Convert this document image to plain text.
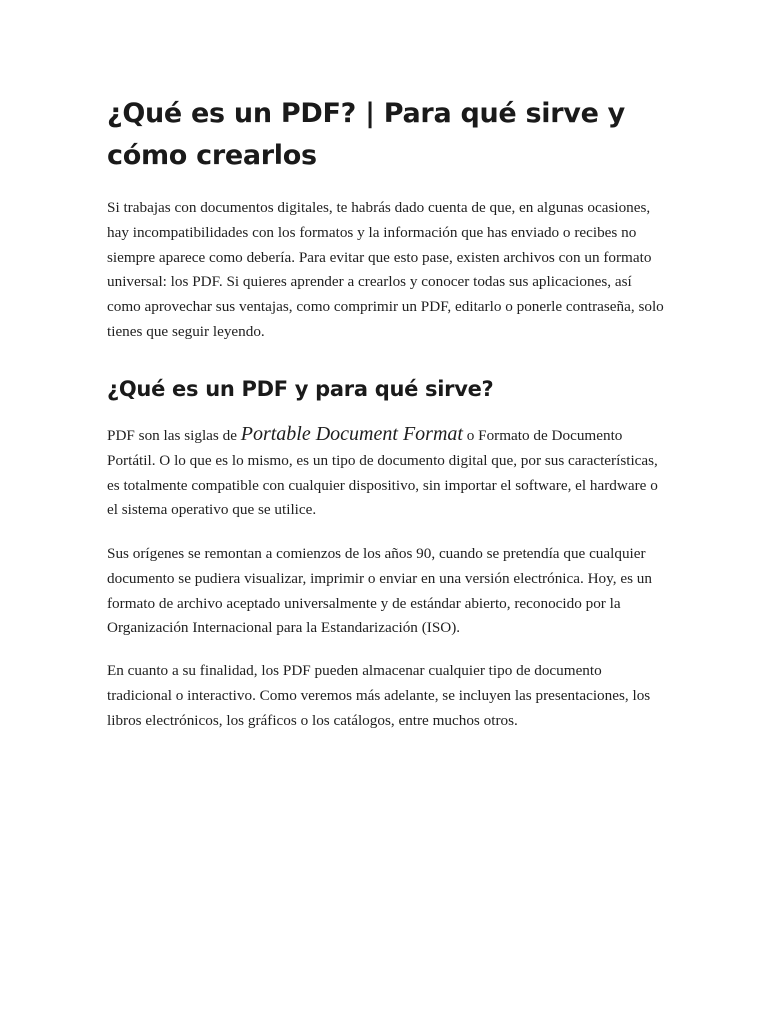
¿Qué es un PDF? | Para qué sirve y cómo crearlos

Si trabajas con documentos digitales, te habrás dado cuenta de que, en algunas ocasiones, hay incompatibilidades con los formatos y la información que has enviado o recibes no siempre aparece como debería. Para evitar que esto pase, existen archivos con un formato universal: los PDF. Si quieres aprender a crearlos y conocer todas sus aplicaciones, así como aprovechar sus ventajas, como comprimir un PDF, editarlo o ponerle contraseña, solo tienes que seguir leyendo.

¿Qué es un PDF y para qué sirve?

PDF son las siglas de Portable Document Format o Formato de Documento Portátil. O lo que es lo mismo, es un tipo de documento digital que, por sus características, es totalmente compatible con cualquier dispositivo, sin importar el software, el hardware o el sistema operativo que se utilice.

Sus orígenes se remontan a comienzos de los años 90, cuando se pretendía que cualquier documento se pudiera visualizar, imprimir o enviar en una versión electrónica. Hoy, es un formato de archivo aceptado universalmente y de estándar abierto, reconocido por la Organización Internacional para la Estandarización (ISO).

En cuanto a su finalidad, los PDF pueden almacenar cualquier tipo de documento tradicional o interactivo. Como veremos más adelante, se incluyen las presentaciones, los libros electrónicos, los gráficos o los catálogos, entre muchos otros.
